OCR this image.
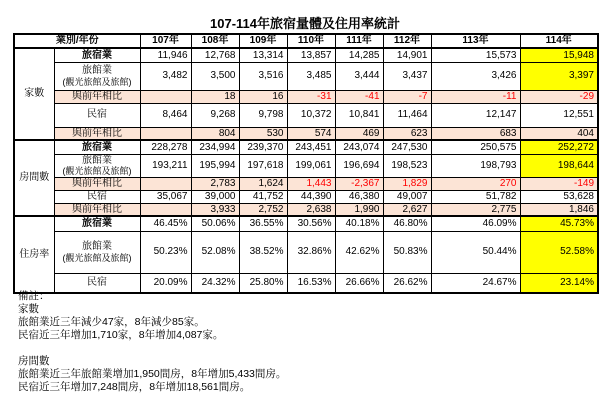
107-114年旅宿量體及住用率統計
業別/年份		107年	108年	109年	110年	111年	112年	113年	114年
家數	旅宿業	11,946	12,768	13,314	13,857	14,285	14,901	15,573	15,948

	旅館業
(觀光旅館及旅館)	3,482	3,500	3,516	3,485	3,444	3,437	3,426	3,397
	與前年相比		18	16	-31	-41	-7	-11	-29
	民宿	8,464	9,268	9,798	10,372	10,841	11,464	12,147	12,551
	與前年相比		804	530	574	469	623	683	404
房間數	旅宿業	228,278	234,994	239,370	243,451	243,074	247,530	250,575	252,272

	旅館業
(觀光旅館及旅館)	193,211	195,994	197,618	199,061	196,694	198,523	198,793	198,644
	與前年相比		2,783	1,624	1,443	-2,367	1,829	270	-149
	民宿	35,067	39,000	41,752	44,390	46,380	49,007	51,782	53,628
	與前年相比		3,933	2,752	2,638	1,990	2,627	2,775	1,846
住房率	旅宿業	46.45%	50.06%	36.55%	30.56%	40.18%	46.80%	46.09%	45.73%

	旅館業
(觀光旅館及旅館)	50.23%	52.08%	38.52%	32.86%	42.62%	50.83%	50.44%	52.58%
	民宿	20.09%	24.32%	25.80%	16.53%	26.66%	26.62%	24.67%	23.14%
備註：
家數
旅館業近三年減少47家，8年減少85家。
民宿近三年增加1,710家，8年增加4,087家。
房間數
旅館業近三年旅館業增加1,950間房，8年增加5,433間房。
民宿近三年增加7,248間房，8年增加18,561間房。
